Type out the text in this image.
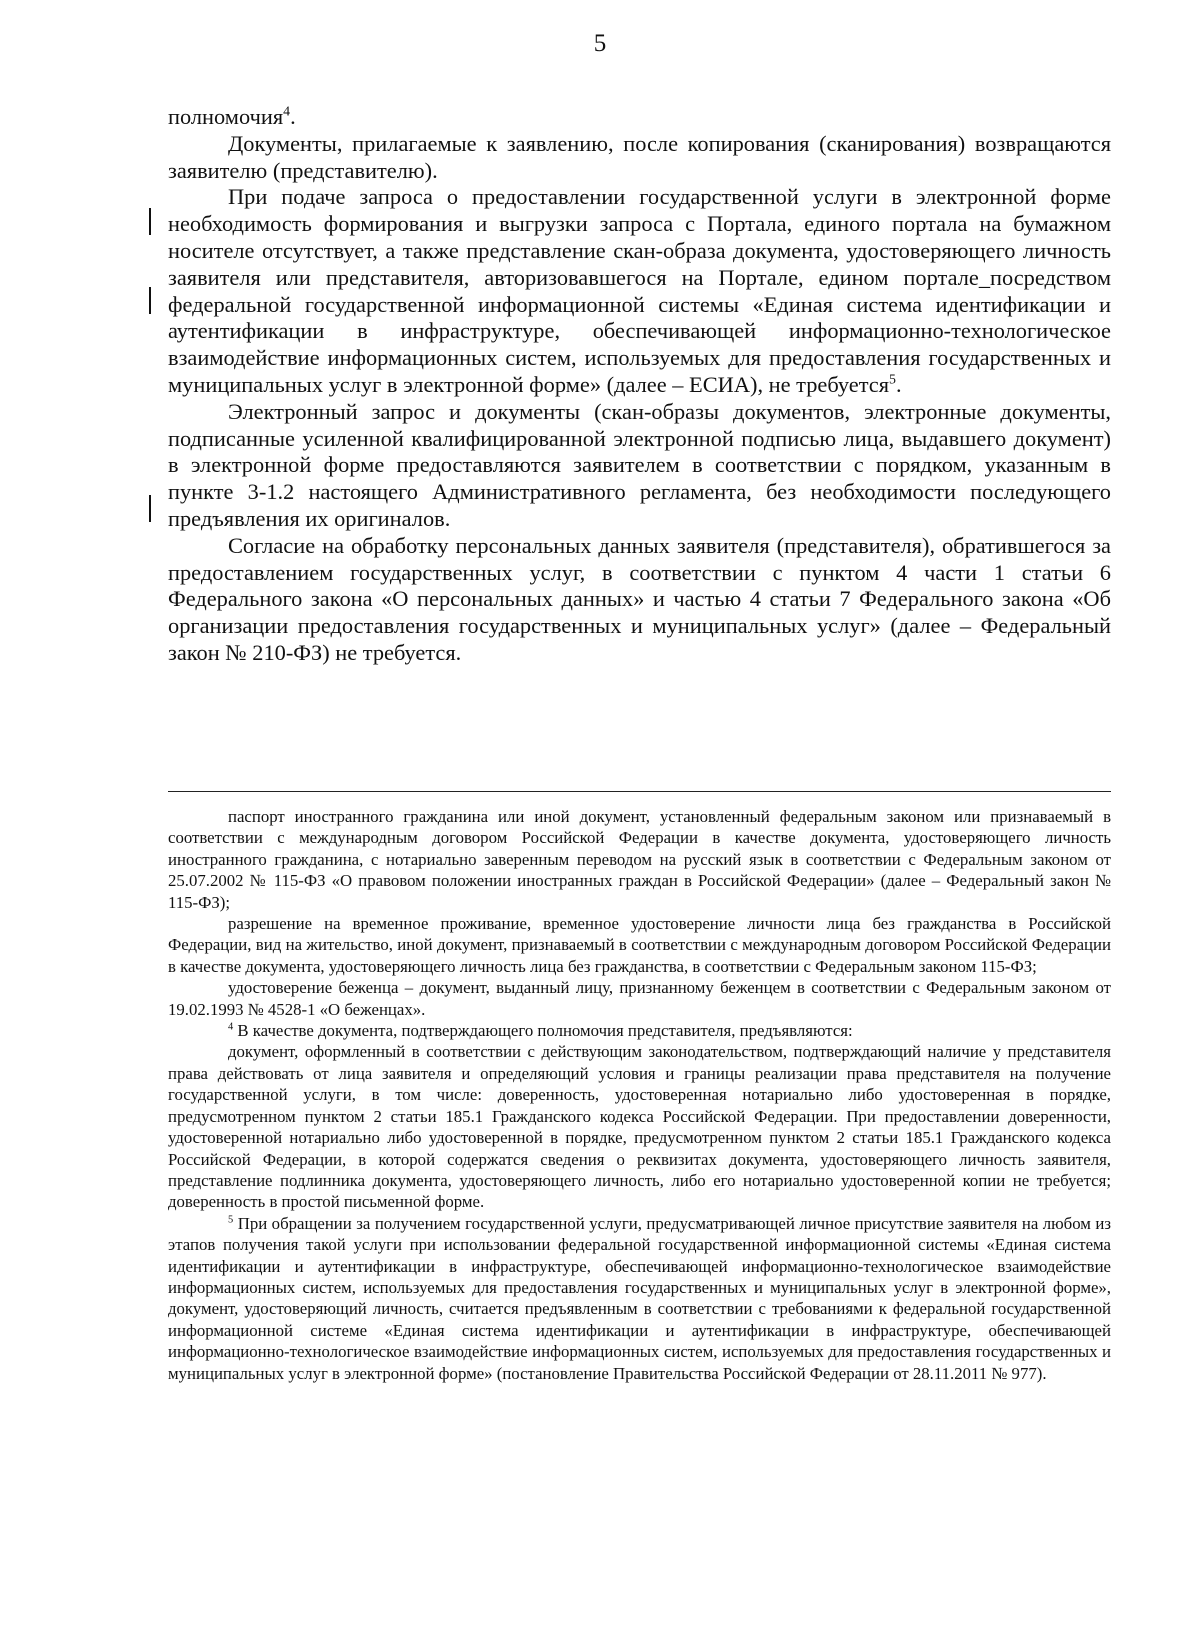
5

полномочия$^4$.

Документы, прилагаемые к заявлению, после копирования (сканирования) возвращаются заявителю (представителю).

При подаче запроса о предоставлении государственной услуги в электронной форме необходимость формирования и выгрузки запроса с Портала, единого портала на бумажном носителе отсутствует, а также представление скан-образа документа, удостоверяющего личность заявителя или представителя, авторизовавшегося на Портале, едином портале_посредством федеральной государственной информационной системы «Единая система идентификации и аутентификации в инфраструктуре, обеспечивающей информационно-технологическое взаимодействие информационных систем, используемых для предоставления государственных и муниципальных услуг в электронной форме» (далее – ЕСИА), не требуется$^5$.

Электронный запрос и документы (скан-образы документов, электронные документы, подписанные усиленной квалифицированной электронной подписью лица, выдавшего документ) в электронной форме предоставляются заявителем в соответствии с порядком, указанным в пункте 3-1.2 настоящего Административного регламента, без необходимости последующего предъявления их оригиналов.

Согласие на обработку персональных данных заявителя (представителя), обратившегося за предоставлением государственных услуг, в соответствии с пунктом 4 части 1 статьи 6 Федерального закона «О персональных данных» и частью 4 статьи 7 Федерального закона «Об организации предоставления государственных и муниципальных услуг» (далее – Федеральный закон № 210-ФЗ) не требуется.

паспорт иностранного гражданина или иной документ, установленный федеральным законом или признаваемый в соответствии с международным договором Российской Федерации в качестве документа, удостоверяющего личность иностранного гражданина, с нотариально заверенным переводом на русский язык в соответствии с Федеральным законом от 25.07.2002 № 115-ФЗ «О правовом положении иностранных граждан в Российской Федерации» (далее – Федеральный закон № 115-ФЗ);

разрешение на временное проживание, временное удостоверение личности лица без гражданства в Российской Федерации, вид на жительство, иной документ, признаваемый в соответствии с международным договором Российской Федерации в качестве документа, удостоверяющего личность лица без гражданства, в соответствии с Федеральным законом 115-ФЗ;

удостоверение беженца – документ, выданный лицу, признанному беженцем в соответствии с Федеральным законом от 19.02.1993 № 4528-1 «О беженцах».

$^4$ В качестве документа, подтверждающего полномочия представителя, предъявляются:

документ, оформленный в соответствии с действующим законодательством, подтверждающий наличие у представителя права действовать от лица заявителя и определяющий условия и границы реализации права представителя на получение государственной услуги, в том числе: доверенность, удостоверенная нотариально либо удостоверенная в порядке, предусмотренном пунктом 2 статьи 185.1 Гражданского кодекса Российской Федерации. При предоставлении доверенности, удостоверенной нотариально либо удостоверенной в порядке, предусмотренном пунктом 2 статьи 185.1 Гражданского кодекса Российской Федерации, в которой содержатся сведения о реквизитах документа, удостоверяющего личность заявителя, представление подлинника документа, удостоверяющего личность, либо его нотариально удостоверенной копии не требуется; доверенность в простой письменной форме.

$^5$ При обращении за получением государственной услуги, предусматривающей личное присутствие заявителя на любом из этапов получения такой услуги при использовании федеральной государственной информационной системы «Единая система идентификации и аутентификации в инфраструктуре, обеспечивающей информационно-технологическое взаимодействие информационных систем, используемых для предоставления государственных и муниципальных услуг в электронной форме», документ, удостоверяющий личность, считается предъявленным в соответствии с требованиями к федеральной государственной информационной системе «Единая система идентификации и аутентификации в инфраструктуре, обеспечивающей информационно-технологическое взаимодействие информационных систем, используемых для предоставления государственных и муниципальных услуг в электронной форме» (постановление Правительства Российской Федерации от 28.11.2011 № 977).
